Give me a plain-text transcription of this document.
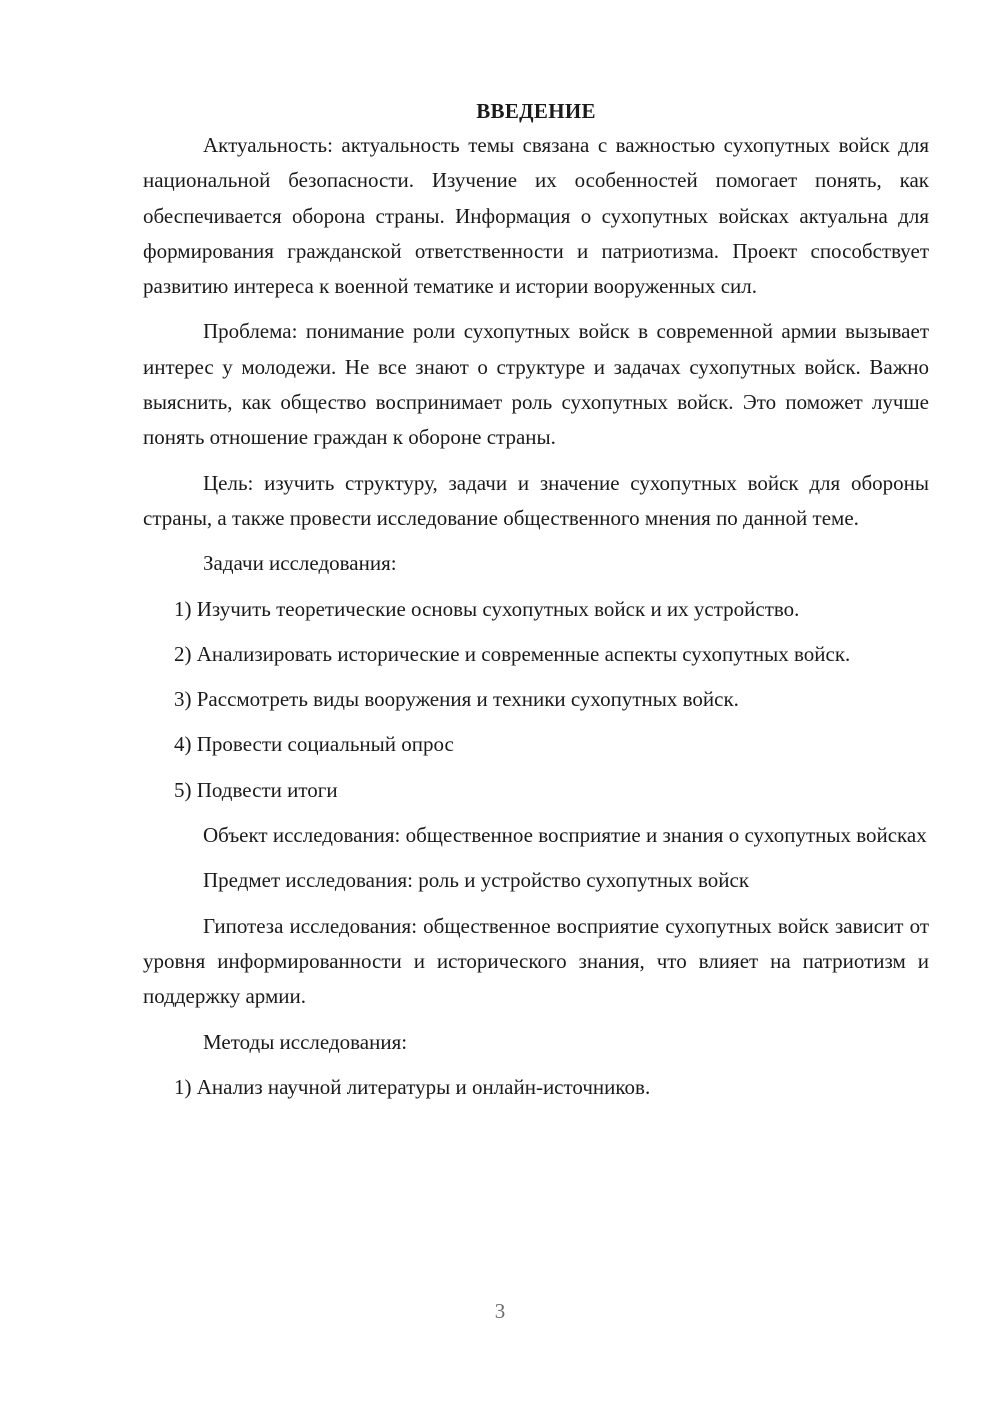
ВВЕДЕНИЕ

Актуальность: актуальность темы связана с важностью сухопутных войск для национальной безопасности. Изучение их особенностей помогает понять, как обеспечивается оборона страны. Информация о сухопутных войсках актуальна для формирования гражданской ответственности и патриотизма. Проект способствует развитию интереса к военной тематике и истории вооруженных сил.

Проблема: понимание роли сухопутных войск в современной армии вызывает интерес у молодежи. Не все знают о структуре и задачах сухопутных войск. Важно выяснить, как общество воспринимает роль сухопутных войск. Это поможет лучше понять отношение граждан к обороне страны.

Цель: изучить структуру, задачи и значение сухопутных войск для обороны страны, а также провести исследование общественного мнения по данной теме.

Задачи исследования:

1) Изучить теоретические основы сухопутных войск и их устройство.

2) Анализировать исторические и современные аспекты сухопутных войск.

3) Рассмотреть виды вооружения и техники сухопутных войск.

4) Провести социальный опрос

5) Подвести итоги

Объект исследования: общественное восприятие и знания о сухопутных войсках

Предмет исследования: роль и устройство сухопутных войск

Гипотеза исследования: общественное восприятие сухопутных войск зависит от уровня информированности и исторического знания, что влияет на патриотизм и поддержку армии.

Методы исследования:

1) Анализ научной литературы и онлайн-источников.

3
